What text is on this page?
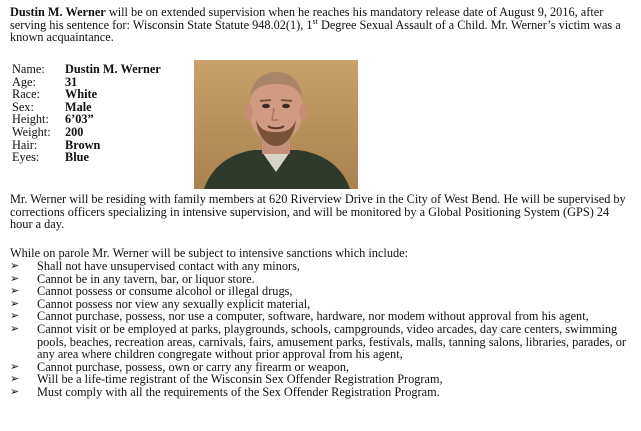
Dustin M. Werner will be on extended supervision when he reaches his mandatory release date of August 9, 2016, after serving his sentence for: Wisconsin State Statute 948.02(1), 1st Degree Sexual Assault of a Child. Mr. Werner’s victim was a known acquaintance.
Name:	Dustin M. Werner
Age:	31
Race:	White
Sex:	Male
Height:	6’03”
Weight:	200
Hair:	Brown
Eyes:	Blue
Mr. Werner will be residing with family members at 620 Riverview Drive in the City of West Bend. He will be supervised by corrections officers specializing in intensive supervision, and will be monitored by a Global Positioning System (GPS) 24 hour a day.
While on parole Mr. Werner will be subject to intensive sanctions which include:
➢	Shall not have unsupervised contact with any minors,
➢	Cannot be in any tavern, bar, or liquor store.
➢	Cannot possess or consume alcohol or illegal drugs,
➢	Cannot possess nor view any sexually explicit material,
➢	Cannot purchase, possess, nor use a computer, software, hardware, nor modem without approval from his agent,
➢	Cannot visit or be employed at parks, playgrounds, schools, campgrounds, video arcades, day care centers, swimming pools, beaches, recreation areas, carnivals, fairs, amusement parks, festivals, malls, tanning salons, libraries, parades, or any area where children congregate without prior approval from his agent,
➢	Cannot purchase, possess, own or carry any firearm or weapon,
➢	Will be a life-time registrant of the Wisconsin Sex Offender Registration Program,
➢	Must comply with all the requirements of the Sex Offender Registration Program.
